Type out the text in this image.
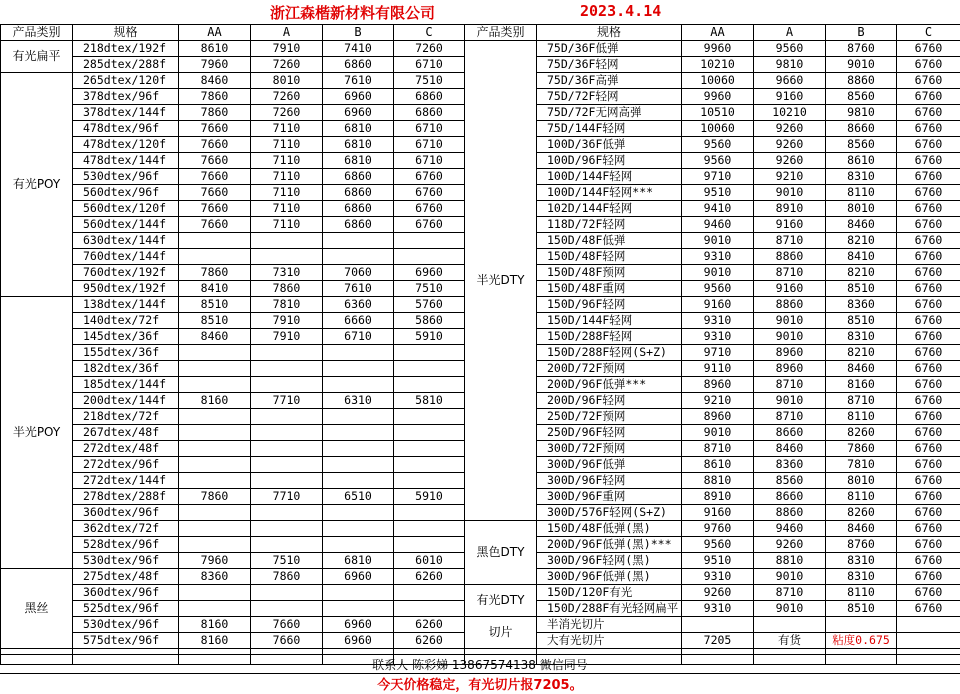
浙江森楷新材料有限公司	2023.4.14
产品类别	规格	AA	A	B	C
有光扁平	218dtex/192f	8610	7910	7410	7260
	285dtex/288f	7960	7260	6860	6710
有光POY	265dtex/120f	8460	8010	7610	7510
	378dtex/96f	7860	7260	6960	6860
	378dtex/144f	7860	7260	6960	6860
	478dtex/96f	7660	7110	6810	6710
	478dtex/120f	7660	7110	6810	6710
	478dtex/144f	7660	7110	6810	6710
	530dtex/96f	7660	7110	6860	6760
	560dtex/96f	7660	7110	6860	6760
	560dtex/120f	7660	7110	6860	6760
	560dtex/144f	7660	7110	6860	6760
	630dtex/144f				
	760dtex/144f				
	760dtex/192f	7860	7310	7060	6960
	950dtex/192f	8410	7860	7610	7510
半光POY	138dtex/144f	8510	7810	6360	5760
	140dtex/72f	8510	7910	6660	5860
	145dtex/36f	8460	7910	6710	5910
	155dtex/36f				
	182dtex/36f				
	185dtex/144f				
	200dtex/144f	8160	7710	6310	5810
	218dtex/72f				
	267dtex/48f				
	272dtex/48f				
	272dtex/96f				
	272dtex/144f				
	278dtex/288f	7860	7710	6510	5910
	360dtex/96f				
	362dtex/72f				
	528dtex/96f				
	530dtex/96f	7960	7510	6810	6010
黑丝	275dtex/48f	8360	7860	6960	6260
	360dtex/96f				
	525dtex/96f				
	530dtex/96f	8160	7660	6960	6260
	575dtex/96f	8160	7660	6960	6260

产品类别	规格	AA	A	B	C
半光DTY	75D/36F低弹	9960	9560	8760	6760
	75D/36F轻网	10210	9810	9010	6760
	75D/36F高弹	10060	9660	8860	6760
	75D/72F轻网	9960	9160	8560	6760
	75D/72F无网高弹	10510	10210	9810	6760
	75D/144F轻网	10060	9260	8660	6760
	100D/36F低弹	9560	9260	8560	6760
	100D/96F轻网	9560	9260	8610	6760
	100D/144F轻网	9710	9210	8310	6760
	100D/144F轻网***	9510	9010	8110	6760
	102D/144F轻网	9410	8910	8010	6760
	118D/72F轻网	9460	9160	8460	6760
	150D/48F低弹	9010	8710	8210	6760
	150D/48F轻网	9310	8860	8410	6760
	150D/48F预网	9010	8710	8210	6760
	150D/48F重网	9560	9160	8510	6760
	150D/96F轻网	9160	8860	8360	6760
	150D/144F轻网	9310	9010	8510	6760
	150D/288F轻网	9310	9010	8310	6760
	150D/288F轻网(S+Z)	9710	8960	8210	6760
	200D/72F预网	9110	8960	8460	6760
	200D/96F低弹***	8960	8710	8160	6760
	200D/96F轻网	9210	9010	8710	6760
	250D/72F预网	8960	8710	8110	6760
	250D/96F轻网	9010	8660	8260	6760
	300D/72F预网	8710	8460	7860	6760
	300D/96F低弹	8610	8360	7810	6760
	300D/96F轻网	8810	8560	8010	6760
	300D/96F重网	8910	8660	8110	6760
	300D/576F轻网(S+Z)	9160	8860	8260	6760
黑色DTY	150D/48F低弹(黑)	9760	9460	8460	6760
	200D/96F低弹(黑)***	9560	9260	8760	6760
	300D/96F轻网(黑)	9510	8810	8310	6760
	300D/96F低弹(黑)	9310	9010	8310	6760
有光DTY	150D/120F有光	9260	8710	8110	6760
	150D/288F有光轻网扁平	9310	9010	8510	6760
切片	半消光切片				
	大有光切片	7205	有货	粘度0.675	

联系人 陈彩娣 13867574138 微信同号
今天价格稳定，有光切片报7205。
